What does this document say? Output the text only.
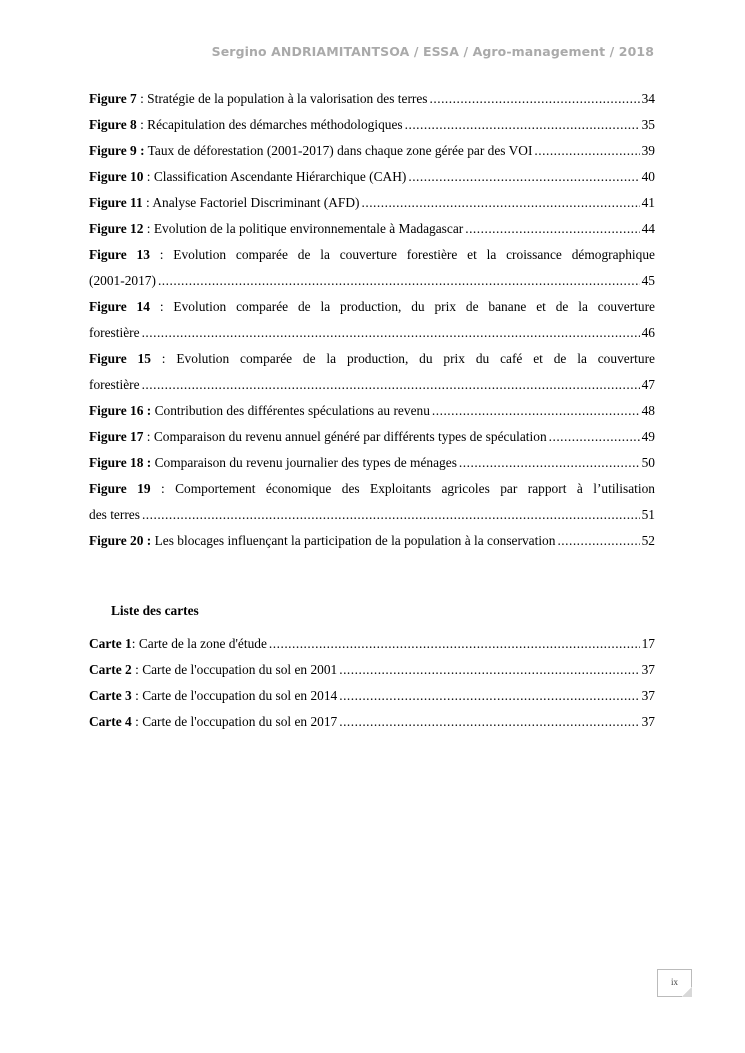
Sergino ANDRIAMITANTSOA / ESSA / Agro-management / 2018
Figure 7 : Stratégie de la population à la valorisation des terres .....	34
Figure 8 : Récapitulation des démarches méthodologiques .....	35
Figure 9 : Taux de déforestation (2001-2017) dans chaque zone gérée par des VOI .....	39
Figure 10 : Classification Ascendante Hiérarchique (CAH) .....	40
Figure 11 : Analyse Factoriel Discriminant (AFD) .....	41
Figure 12 : Evolution de la politique environnementale à Madagascar .....	44
Figure 13 : Evolution comparée de la couverture forestière et la croissance démographique
(2001-2017) .....	45
Figure 14 : Evolution comparée de la production, du prix de banane et de la couverture
forestière .....	46
Figure 15 : Evolution comparée de la production, du prix du café et de la couverture
forestière .....	47
Figure 16 : Contribution des différentes spéculations au revenu .....	48
Figure 17 : Comparaison du revenu annuel généré par différents types de spéculation .....	49
Figure 18 : Comparaison du revenu journalier des types de ménages .....	50
Figure 19 : Comportement économique des Exploitants agricoles par rapport à l’utilisation
des terres .....	51
Figure 20 : Les blocages influençant la participation de la population à la conservation .....	52
Liste des cartes
Carte 1: Carte de la zone d'étude .....	17
Carte 2 : Carte de l'occupation du sol en 2001 .....	37
Carte 3 : Carte de l'occupation du sol en 2014 .....	37
Carte 4 : Carte de l'occupation du sol en 2017 .....	37
ix
